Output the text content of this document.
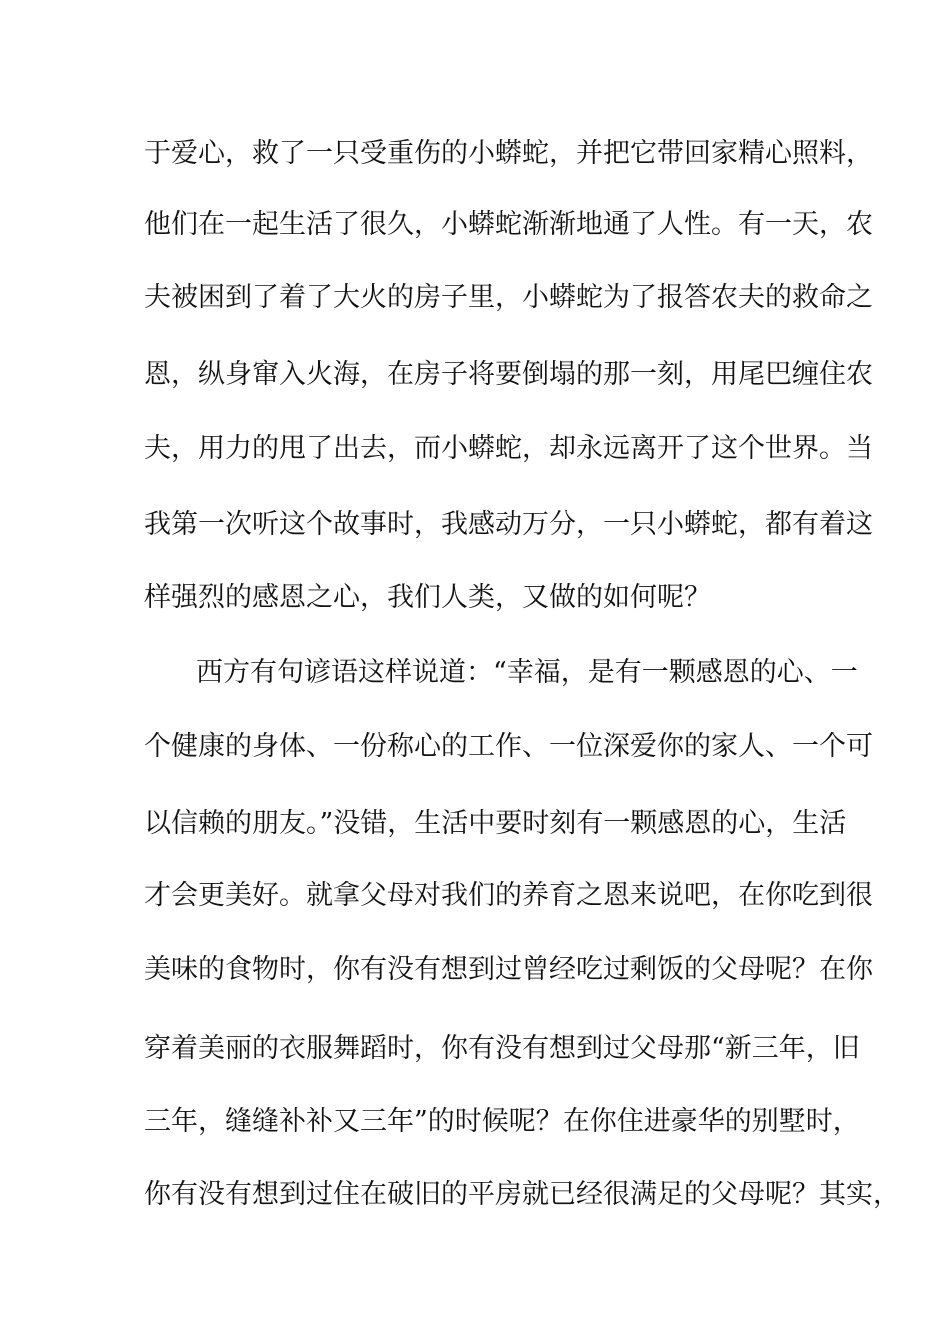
于爱心，救了一只受重伤的小蟒蛇，并把它带回家精心照料，
他们在一起生活了很久，小蟒蛇渐渐地通了人性。有一天，农
夫被困到了着了大火的房子里，小蟒蛇为了报答农夫的救命之
恩，纵身窜入火海，在房子将要倒塌的那一刻，用尾巴缠住农
夫，用力的甩了出去，而小蟒蛇，却永远离开了这个世界。当
我第一次听这个故事时，我感动万分，一只小蟒蛇，都有着这
样强烈的感恩之心，我们人类，又做的如何呢？
西方有句谚语这样说道：“幸福，是有一颗感恩的心、一
个健康的身体、一份称心的工作、一位深爱你的家人、一个可
以信赖的朋友。”没错，生活中要时刻有一颗感恩的心，生活
才会更美好。就拿父母对我们的养育之恩来说吧，在你吃到很
美味的食物时，你有没有想到过曾经吃过剩饭的父母呢？在你
穿着美丽的衣服舞蹈时，你有没有想到过父母那“新三年，旧
三年，缝缝补补又三年”的时候呢？在你住进豪华的别墅时，
你有没有想到过住在破旧的平房就已经很满足的父母呢？其实，
